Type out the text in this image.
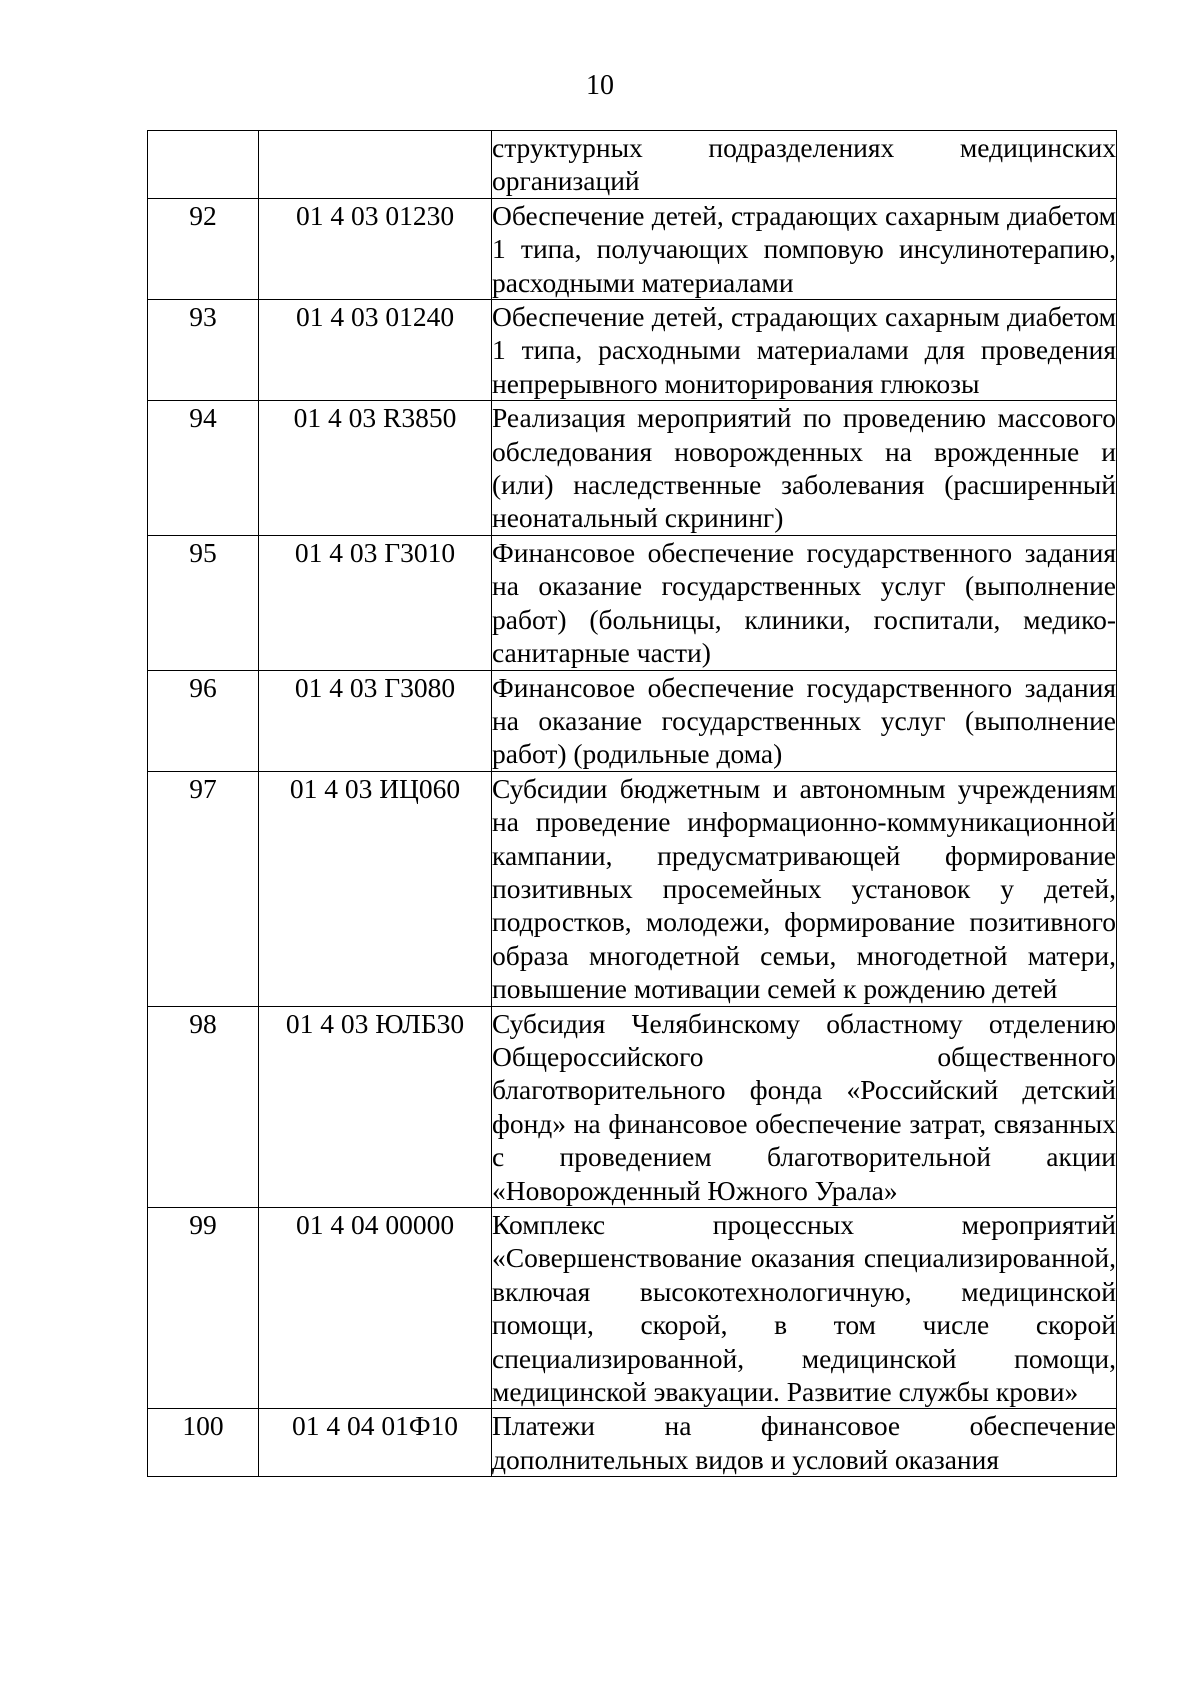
10
		структурных подразделениях медицинских организаций
92	01 4 03 01230	Обеспечение детей, страдающих сахарным диабетом 1 типа, получающих помповую инсулинотерапию, расходными материалами
93	01 4 03 01240	Обеспечение детей, страдающих сахарным диабетом 1 типа, расходными материалами для проведения непрерывного мониторирования глюкозы
94	01 4 03 R3850	Реализация мероприятий по проведению массового обследования новорожденных на врожденные и (или) наследственные заболевания (расширенный неонатальный скрининг)
95	01 4 03 Г3010	Финансовое обеспечение государственного задания на оказание государственных услуг (выполнение работ) (больницы, клиники, госпитали, медико-санитарные части)
96	01 4 03 Г3080	Финансовое обеспечение государственного задания на оказание государственных услуг (выполнение работ) (родильные дома)
97	01 4 03 ИЦ060	Субсидии бюджетным и автономным учреждениям на проведение информационно-коммуникационной кампании, предусматривающей формирование позитивных просемейных установок у детей, подростков, молодежи, формирование позитивного образа многодетной семьи, многодетной матери, повышение мотивации семей к рождению детей
98	01 4 03 ЮЛБ30	Субсидия Челябинскому областному отделению Общероссийского общественного благотворительного фонда «Российский детский фонд» на финансовое обеспечение затрат, связанных с проведением благотворительной акции «Новорожденный Южного Урала»
99	01 4 04 00000	Комплекс процессных мероприятий «Совершенствование оказания специализированной, включая высокотехнологичную, медицинской помощи, скорой, в том числе скорой специализированной, медицинской помощи, медицинской эвакуации. Развитие службы крови»
100	01 4 04 01Ф10	Платежи на финансовое обеспечение дополнительных видов и условий оказания
